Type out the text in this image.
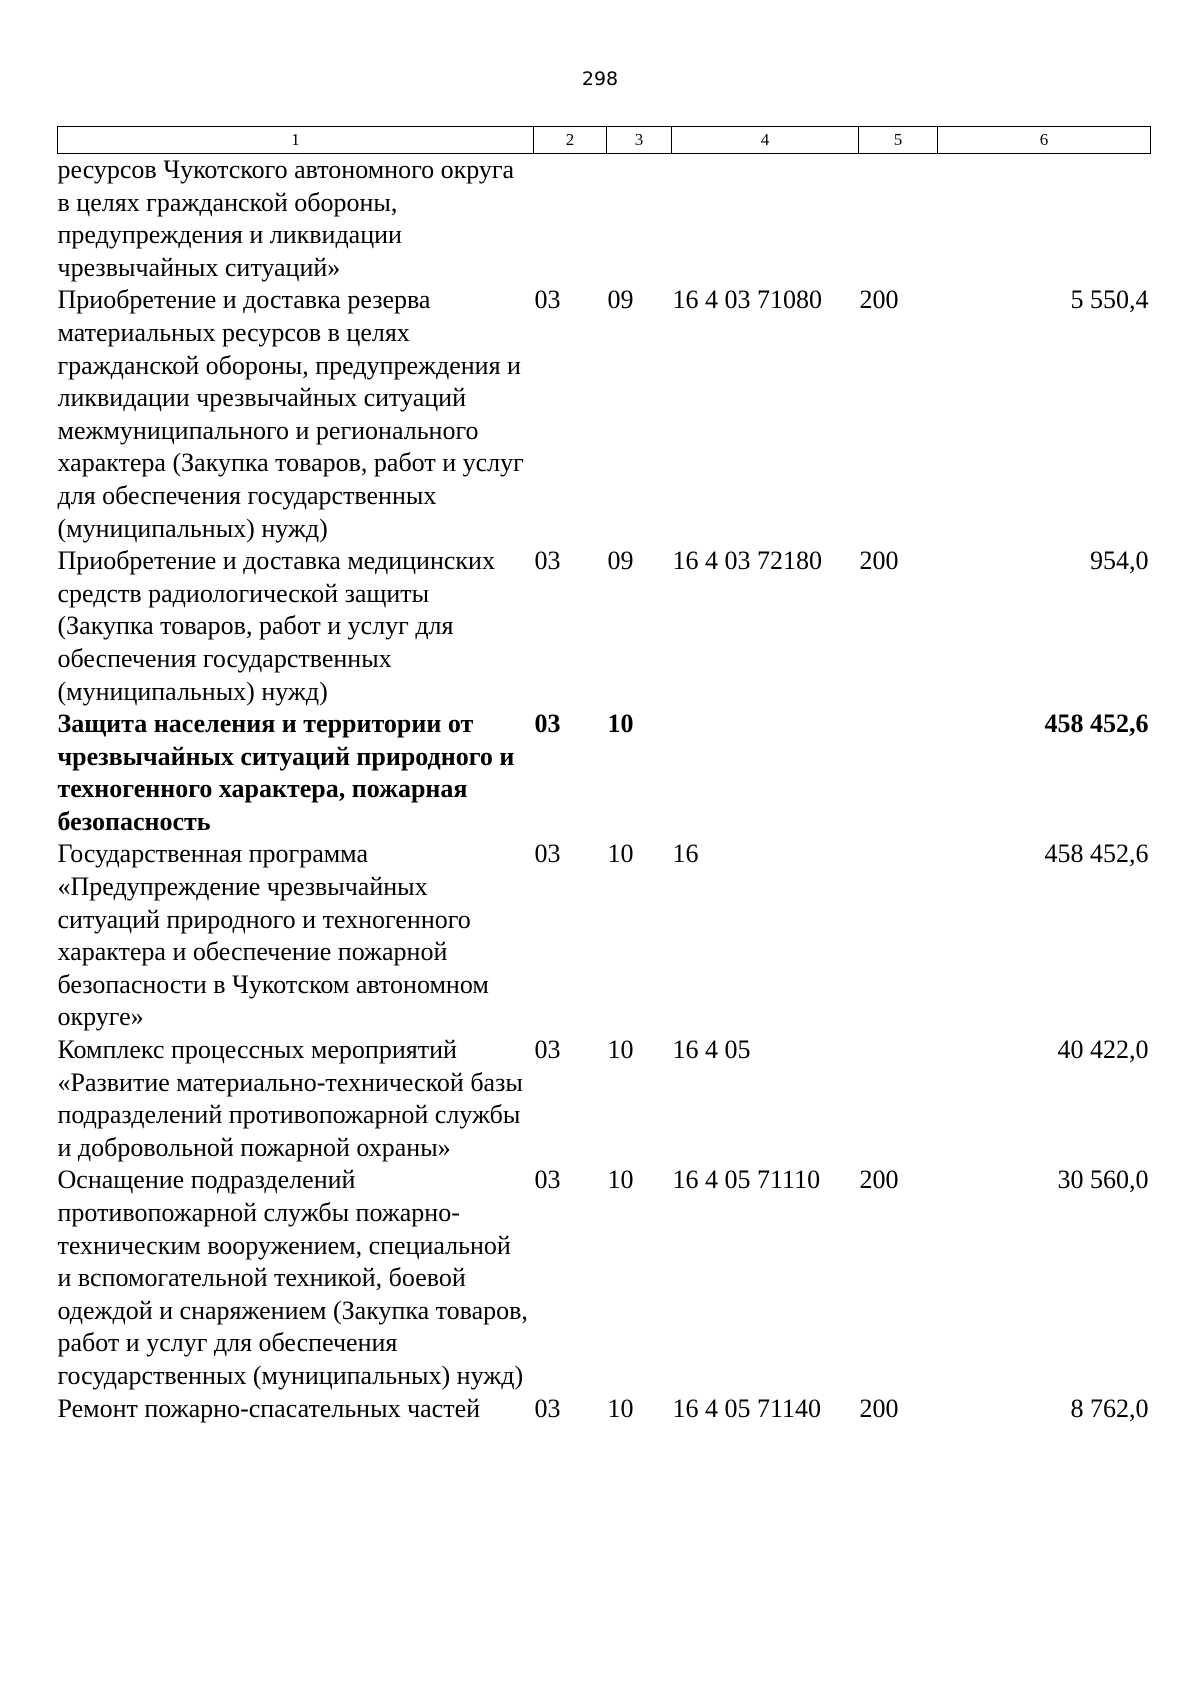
298
1	2	3	4	5	6
ресурсов Чукотского автономного округа в целях гражданской обороны, предупреждения и ликвидации чрезвычайных ситуаций»					
Приобретение и доставка резерва материальных ресурсов в целях гражданской обороны, предупреждения и ликвидации чрезвычайных ситуаций межмуниципального и регионального характера (Закупка товаров, работ и услуг для обеспечения государственных (муниципальных) нужд)	03	09	16 4 03 71080	200	5 550,4
Приобретение и доставка медицинских средств радиологической защиты (Закупка товаров, работ и услуг для обеспечения государственных (муниципальных) нужд)	03	09	16 4 03 72180	200	954,0
Защита населения и территории от чрезвычайных ситуаций природного и техногенного характера, пожарная безопасность	03	10			458 452,6
Государственная программа «Предупреждение чрезвычайных ситуаций природного и техногенного характера и обеспечение пожарной безопасности в Чукотском автономном округе»	03	10	16		458 452,6
Комплекс процессных мероприятий «Развитие материально-технической базы подразделений противопожарной службы и добровольной пожарной охраны»	03	10	16 4 05		40 422,0
Оснащение подразделений противопожарной службы пожарно-техническим вооружением, специальной и вспомогательной техникой, боевой одеждой и снаряжением (Закупка товаров, работ и услуг для обеспечения государственных (муниципальных) нужд)	03	10	16 4 05 71110	200	30 560,0
Ремонт пожарно-спасательных частей	03	10	16 4 05 71140	200	8 762,0
